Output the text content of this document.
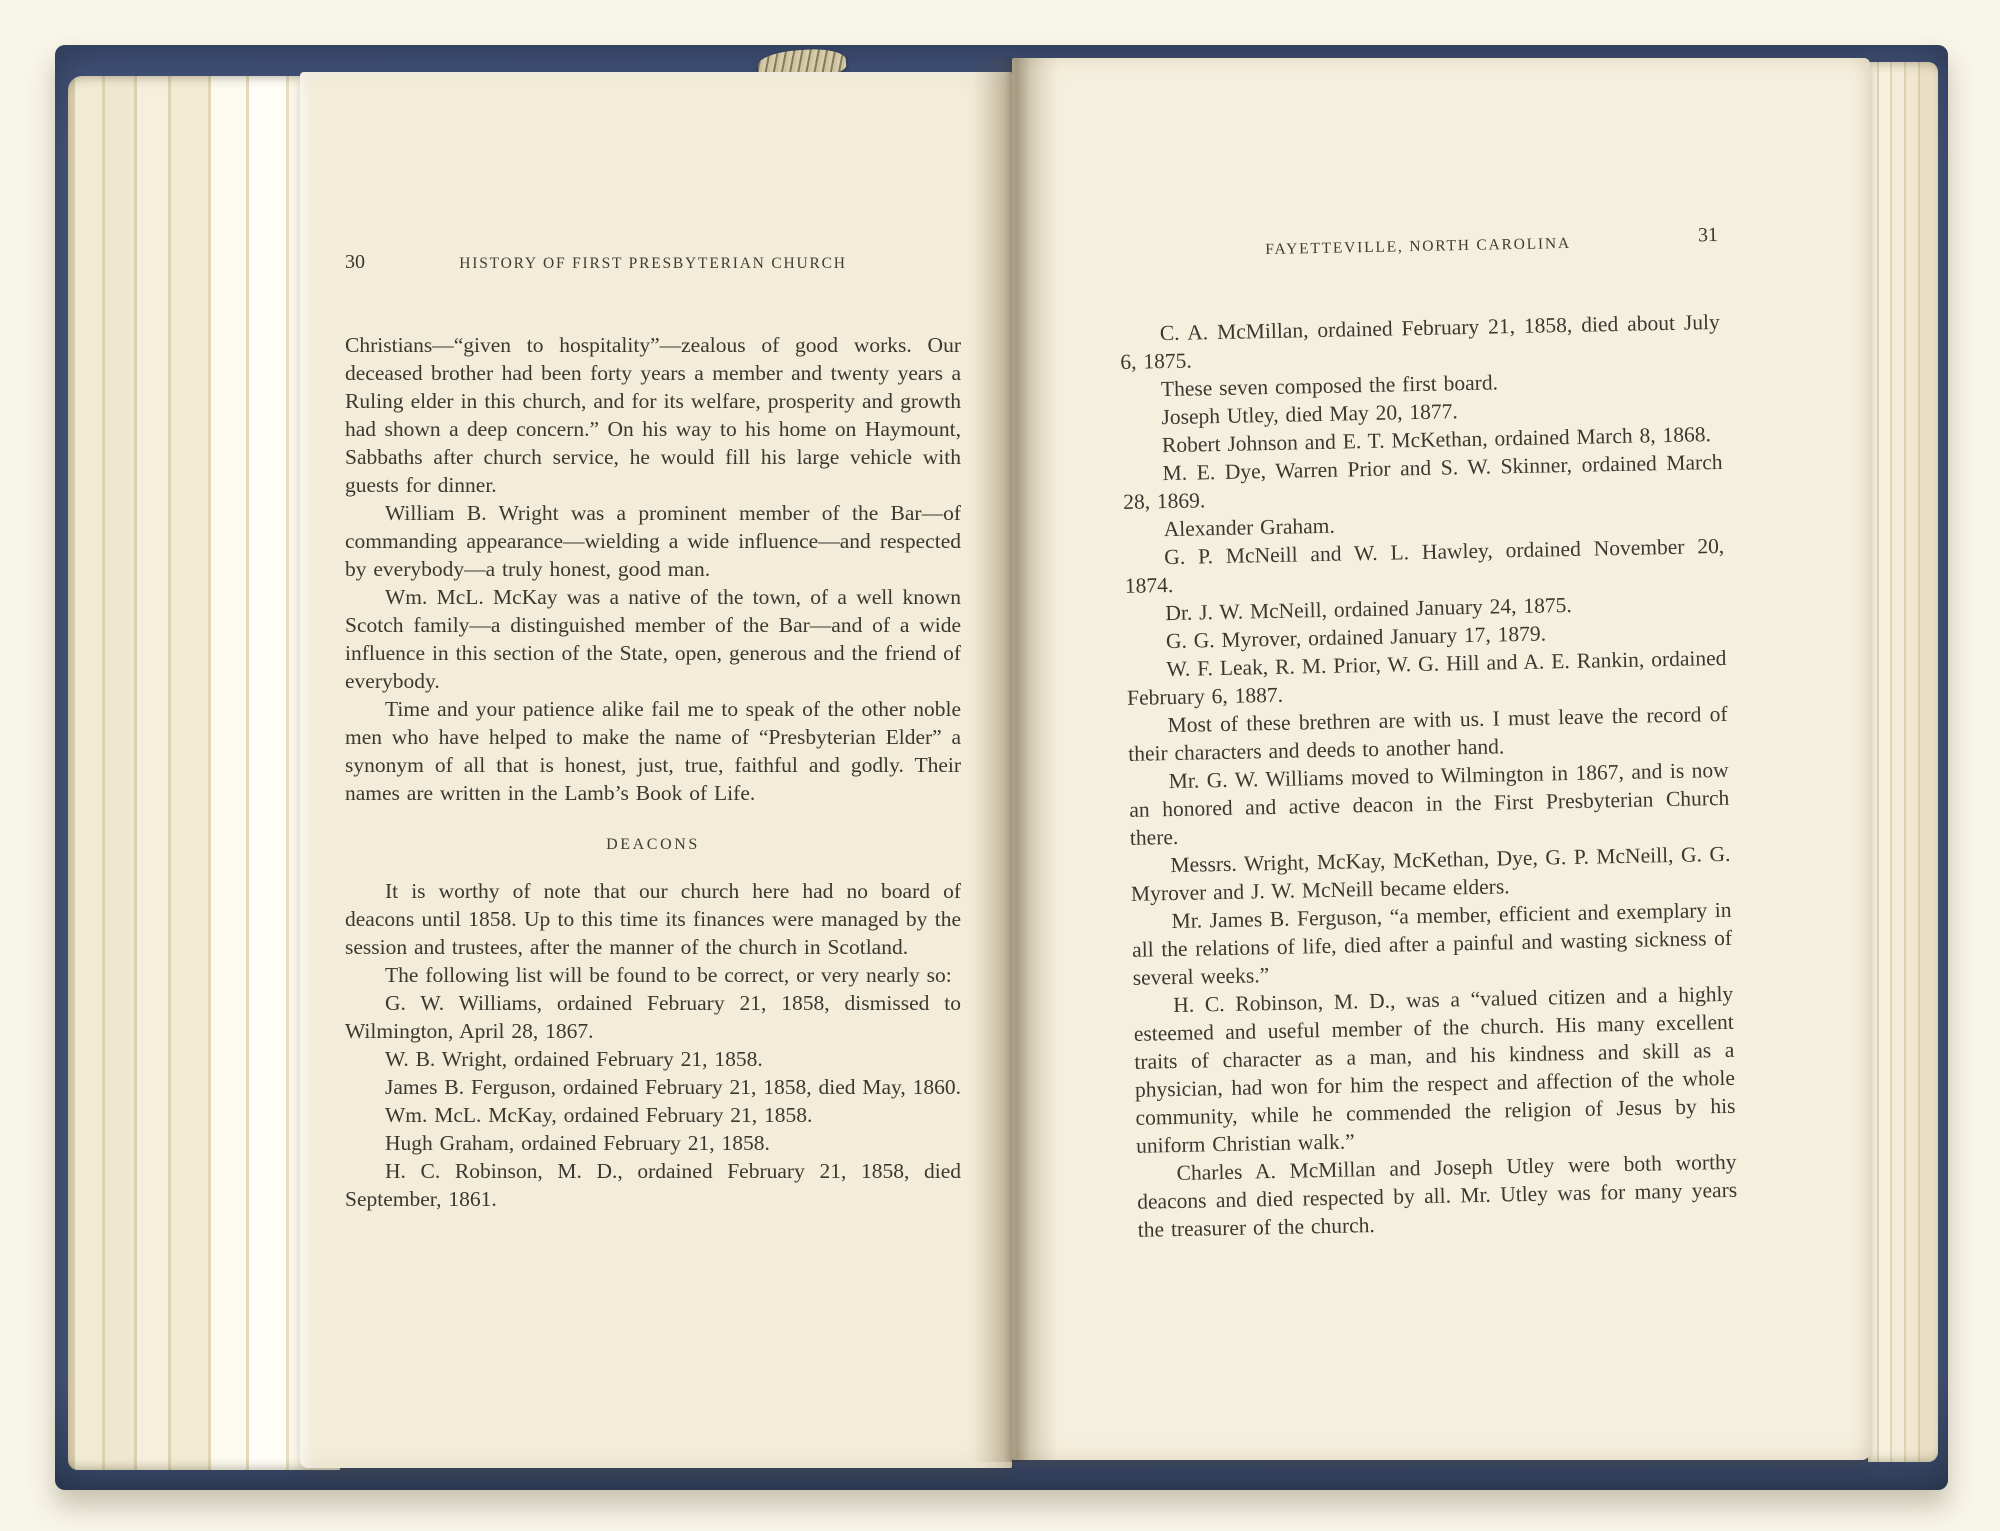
30	HISTORY OF FIRST PRESBYTERIAN CHURCH

Christians—“given to hospitality”—zealous of good works. Our deceased brother had been forty years a member and twenty years a Ruling elder in this church, and for its welfare, prosperity and growth had shown a deep concern.” On his way to his home on Haymount, Sabbaths after church service, he would fill his large vehicle with guests for dinner.

William B. Wright was a prominent member of the Bar—of commanding appearance—wielding a wide influence—and respected by everybody—a truly honest, good man.

Wm. McL. McKay was a native of the town, of a well known Scotch family—a distinguished member of the Bar—and of a wide influence in this section of the State, open, generous and the friend of everybody.

Time and your patience alike fail me to speak of the other noble men who have helped to make the name of “Presbyterian Elder” a synonym of all that is honest, just, true, faithful and godly. Their names are written in the Lamb’s Book of Life.

DEACONS

It is worthy of note that our church here had no board of deacons until 1858. Up to this time its finances were managed by the session and trustees, after the manner of the church in Scotland.

The following list will be found to be correct, or very nearly so:

G. W. Williams, ordained February 21, 1858, dismissed to Wilmington, April 28, 1867.

W. B. Wright, ordained February 21, 1858.

James B. Ferguson, ordained February 21, 1858, died May, 1860.

Wm. McL. McKay, ordained February 21, 1858.

Hugh Graham, ordained February 21, 1858.

H. C. Robinson, M. D., ordained February 21, 1858, died September, 1861.

FAYETTEVILLE, NORTH CAROLINA	31

C. A. McMillan, ordained February 21, 1858, died about July 6, 1875.

These seven composed the first board.

Joseph Utley, died May 20, 1877.

Robert Johnson and E. T. McKethan, ordained March 8, 1868.

M. E. Dye, Warren Prior and S. W. Skinner, ordained March 28, 1869.

Alexander Graham.

G. P. McNeill and W. L. Hawley, ordained November 20, 1874.

Dr. J. W. McNeill, ordained January 24, 1875.

G. G. Myrover, ordained January 17, 1879.

W. F. Leak, R. M. Prior, W. G. Hill and A. E. Rankin, ordained February 6, 1887.

Most of these brethren are with us. I must leave the record of their characters and deeds to another hand.

Mr. G. W. Williams moved to Wilmington in 1867, and is now an honored and active deacon in the First Presbyterian Church there.

Messrs. Wright, McKay, McKethan, Dye, G. P. McNeill, G. G. Myrover and J. W. McNeill became elders.

Mr. James B. Ferguson, “a member, efficient and exemplary in all the relations of life, died after a painful and wasting sickness of several weeks.”

H. C. Robinson, M. D., was a “valued citizen and a highly esteemed and useful member of the church. His many excellent traits of character as a man, and his kindness and skill as a physician, had won for him the respect and affection of the whole community, while he commended the religion of Jesus by his uniform Christian walk.”

Charles A. McMillan and Joseph Utley were both worthy deacons and died respected by all. Mr. Utley was for many years the treasurer of the church.
